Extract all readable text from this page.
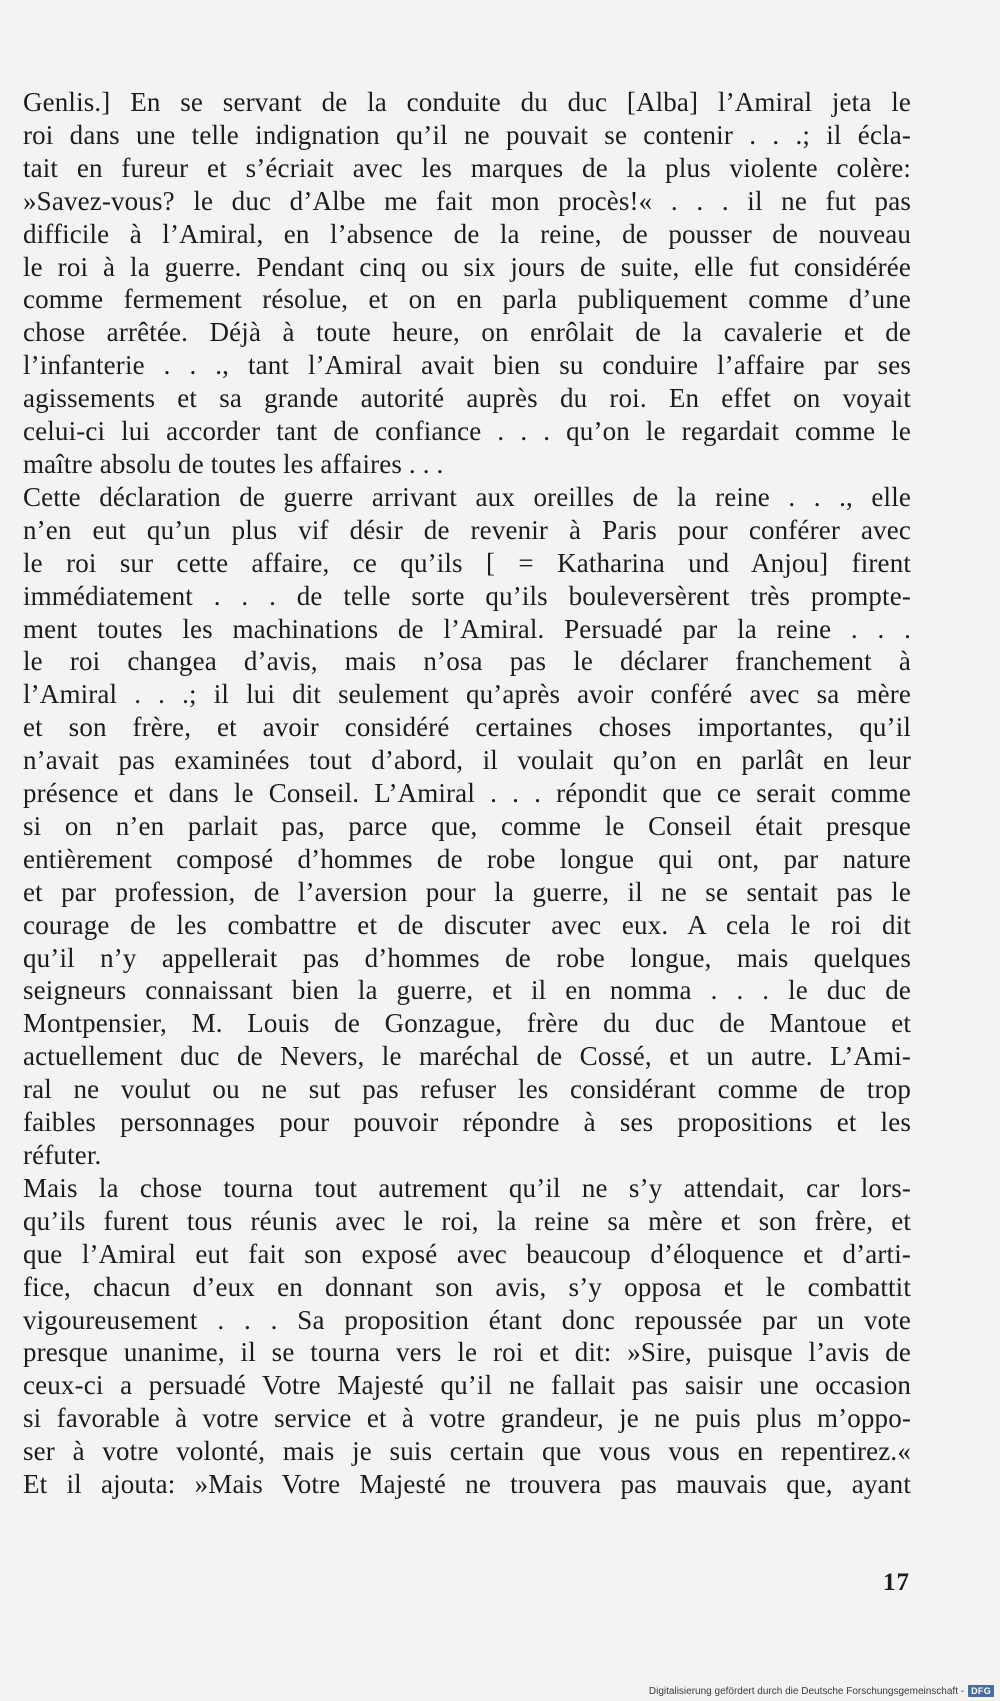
Genlis.] En se servant de la conduite du duc [Alba] l’Amiral jeta le
roi dans une telle indignation qu’il ne pouvait se contenir . . .; il écla-
tait en fureur et s’écriait avec les marques de la plus violente colère:
»Savez-vous? le duc d’Albe me fait mon procès!« . . . il ne fut pas
difficile à l’Amiral, en l’absence de la reine, de pousser de nouveau
le roi à la guerre. Pendant cinq ou six jours de suite, elle fut considérée
comme fermement résolue, et on en parla publiquement comme d’une
chose arrêtée. Déjà à toute heure, on enrôlait de la cavalerie et de
l’infanterie . . ., tant l’Amiral avait bien su conduire l’affaire par ses
agissements et sa grande autorité auprès du roi. En effet on voyait
celui-ci lui accorder tant de confiance . . . qu’on le regardait comme le
maître absolu de toutes les affaires . . .
Cette déclaration de guerre arrivant aux oreilles de la reine . . ., elle
n’en eut qu’un plus vif désir de revenir à Paris pour conférer avec
le roi sur cette affaire, ce qu’ils [ = Katharina und Anjou] firent
immédiatement . . . de telle sorte qu’ils bouleversèrent très prompte-
ment toutes les machinations de l’Amiral. Persuadé par la reine . . .
le roi changea d’avis, mais n’osa pas le déclarer franchement à
l’Amiral . . .; il lui dit seulement qu’après avoir conféré avec sa mère
et son frère, et avoir considéré certaines choses importantes, qu’il
n’avait pas examinées tout d’abord, il voulait qu’on en parlât en leur
présence et dans le Conseil. L’Amiral . . . répondit que ce serait comme
si on n’en parlait pas, parce que, comme le Conseil était presque
entièrement composé d’hommes de robe longue qui ont, par nature
et par profession, de l’aversion pour la guerre, il ne se sentait pas le
courage de les combattre et de discuter avec eux. A cela le roi dit
qu’il n’y appellerait pas d’hommes de robe longue, mais quelques
seigneurs connaissant bien la guerre, et il en nomma . . . le duc de
Montpensier, M. Louis de Gonzague, frère du duc de Mantoue et
actuellement duc de Nevers, le maréchal de Cossé, et un autre. L’Ami-
ral ne voulut ou ne sut pas refuser les considérant comme de trop
faibles personnages pour pouvoir répondre à ses propositions et les
réfuter.
Mais la chose tourna tout autrement qu’il ne s’y attendait, car lors-
qu’ils furent tous réunis avec le roi, la reine sa mère et son frère, et
que l’Amiral eut fait son exposé avec beaucoup d’éloquence et d’arti-
fice, chacun d’eux en donnant son avis, s’y opposa et le combattit
vigoureusement . . . Sa proposition étant donc repoussée par un vote
presque unanime, il se tourna vers le roi et dit: »Sire, puisque l’avis de
ceux-ci a persuadé Votre Majesté qu’il ne fallait pas saisir une occasion
si favorable à votre service et à votre grandeur, je ne puis plus m’oppo-
ser à votre volonté, mais je suis certain que vous vous en repentirez.«
Et il ajouta: »Mais Votre Majesté ne trouvera pas mauvais que, ayant
17
Digitalisierung gefördert durch die Deutsche Forschungsgemeinschaft - DFG
